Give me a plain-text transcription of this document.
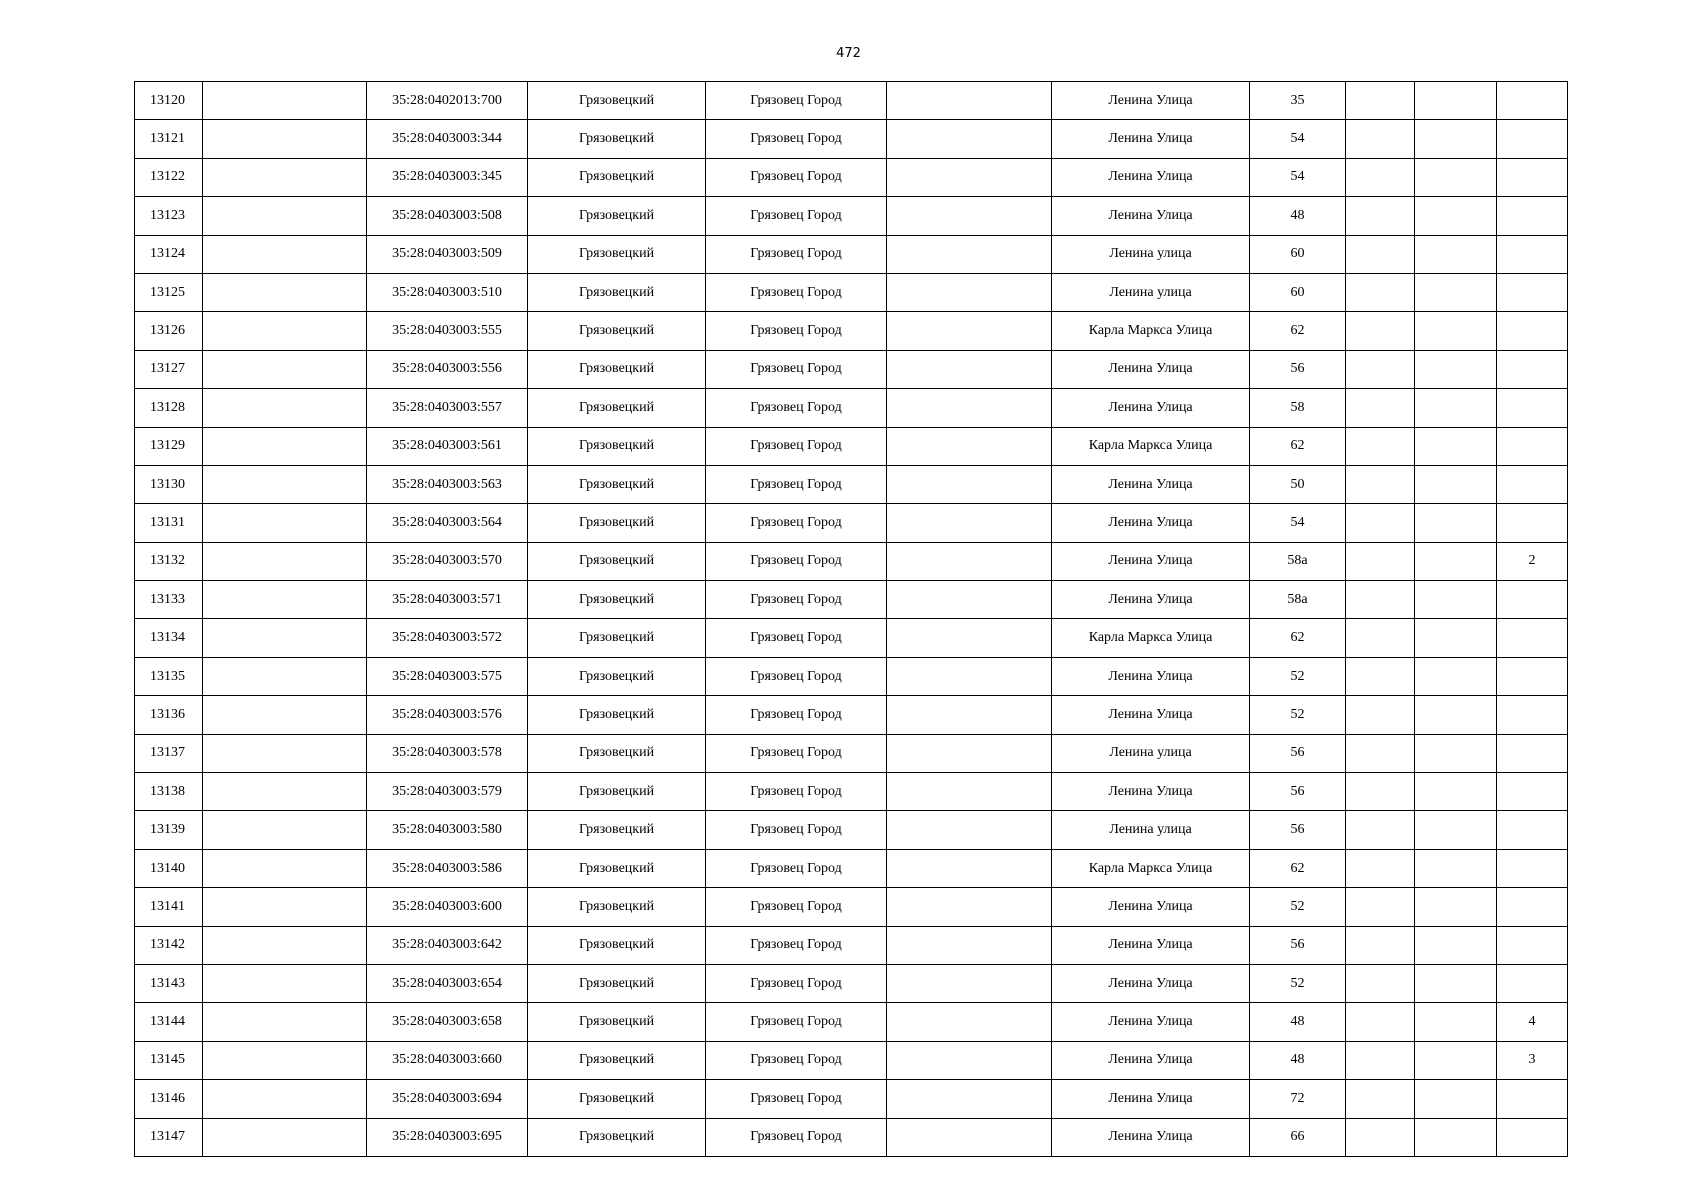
472
13120		35:28:0402013:700	Грязовецкий	Грязовец Город		Ленина Улица	35			
13121		35:28:0403003:344	Грязовецкий	Грязовец Город		Ленина Улица	54			
13122		35:28:0403003:345	Грязовецкий	Грязовец Город		Ленина Улица	54			
13123		35:28:0403003:508	Грязовецкий	Грязовец Город		Ленина Улица	48			
13124		35:28:0403003:509	Грязовецкий	Грязовец Город		Ленина улица	60			
13125		35:28:0403003:510	Грязовецкий	Грязовец Город		Ленина улица	60			
13126		35:28:0403003:555	Грязовецкий	Грязовец Город		Карла Маркса Улица	62			
13127		35:28:0403003:556	Грязовецкий	Грязовец Город		Ленина Улица	56			
13128		35:28:0403003:557	Грязовецкий	Грязовец Город		Ленина Улица	58			
13129		35:28:0403003:561	Грязовецкий	Грязовец Город		Карла Маркса Улица	62			
13130		35:28:0403003:563	Грязовецкий	Грязовец Город		Ленина Улица	50			
13131		35:28:0403003:564	Грязовецкий	Грязовец Город		Ленина Улица	54			
13132		35:28:0403003:570	Грязовецкий	Грязовец Город		Ленина Улица	58а			2
13133		35:28:0403003:571	Грязовецкий	Грязовец Город		Ленина Улица	58а			
13134		35:28:0403003:572	Грязовецкий	Грязовец Город		Карла Маркса Улица	62			
13135		35:28:0403003:575	Грязовецкий	Грязовец Город		Ленина Улица	52			
13136		35:28:0403003:576	Грязовецкий	Грязовец Город		Ленина Улица	52			
13137		35:28:0403003:578	Грязовецкий	Грязовец Город		Ленина улица	56			
13138		35:28:0403003:579	Грязовецкий	Грязовец Город		Ленина Улица	56			
13139		35:28:0403003:580	Грязовецкий	Грязовец Город		Ленина улица	56			
13140		35:28:0403003:586	Грязовецкий	Грязовец Город		Карла Маркса Улица	62			
13141		35:28:0403003:600	Грязовецкий	Грязовец Город		Ленина Улица	52			
13142		35:28:0403003:642	Грязовецкий	Грязовец Город		Ленина Улица	56			
13143		35:28:0403003:654	Грязовецкий	Грязовец Город		Ленина Улица	52			
13144		35:28:0403003:658	Грязовецкий	Грязовец Город		Ленина Улица	48			4
13145		35:28:0403003:660	Грязовецкий	Грязовец Город		Ленина Улица	48			3
13146		35:28:0403003:694	Грязовецкий	Грязовец Город		Ленина Улица	72			
13147		35:28:0403003:695	Грязовецкий	Грязовец Город		Ленина Улица	66			
